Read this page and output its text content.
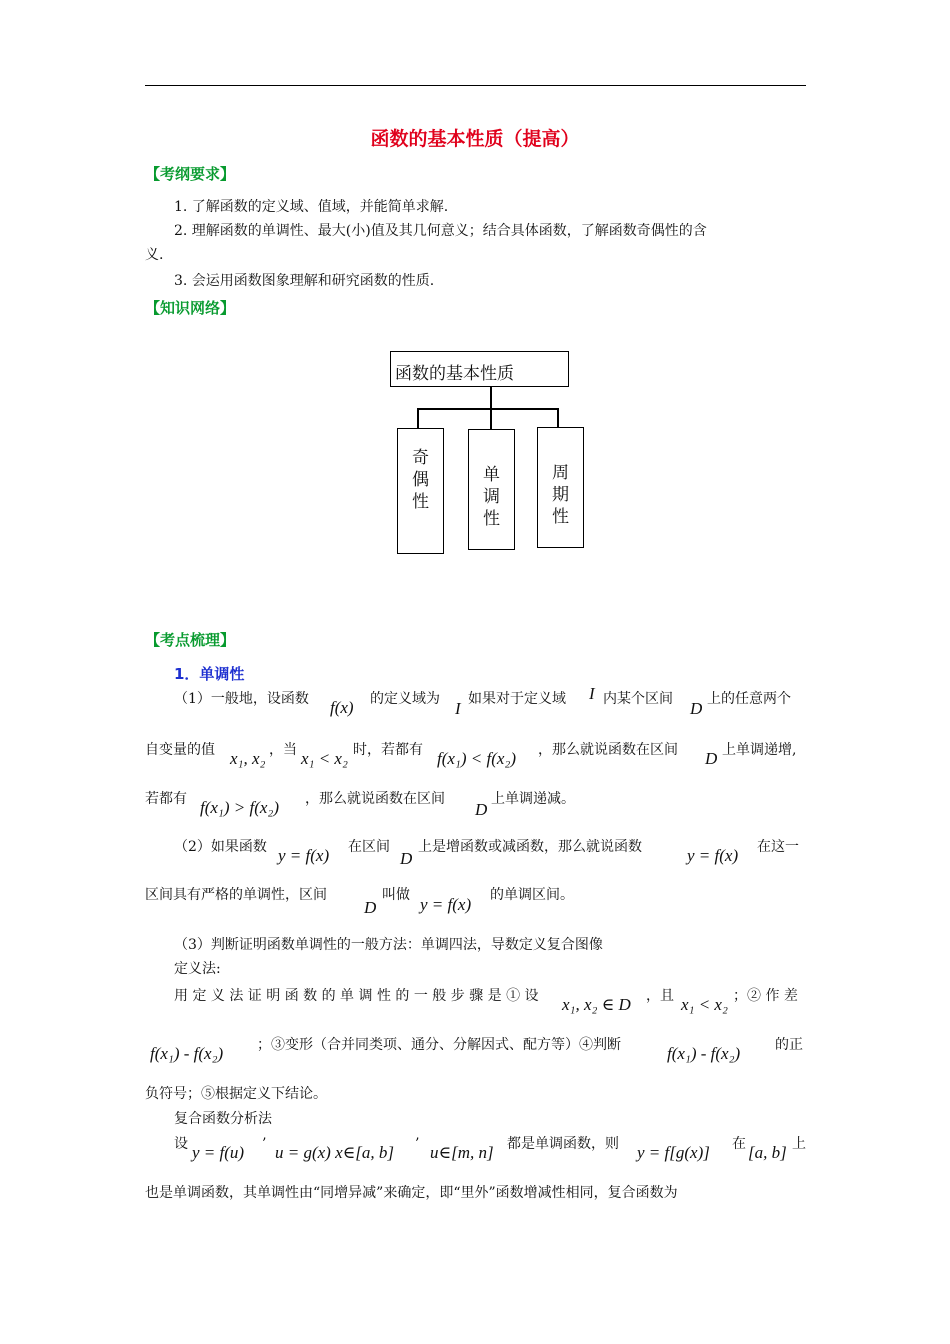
函数的基本性质（提高）
【考纲要求】
1. 了解函数的定义域、值域，并能简单求解.
2. 理解函数的单调性、最大(小)值及其几何意义；结合具体函数，了解函数奇偶性的含
义.
3. 会运用函数图象理解和研究函数的性质.
【知识网络】
函数的基本性质
奇
偶
性
单
调
性
周
期
性
【考点梳理】
1．单调性
（1）一般地，设函数 f(x) 的定义域为 I 如果对于定义域 I 内某个区间 D 上的任意两个
自变量的值 x₁, x₂ ，当 x₁ < x₂ 时，若都有 f(x₁) < f(x₂) ，那么就说函数在区间 D 上单调递增,
若都有 f(x₁) > f(x₂) ，那么就说函数在区间
D
上单调递减。
（2）如果函数 y = f(x) 在区间
D
上是增函数或减函数，那么就说函数	y = f(x) 在这一
区间具有严格的单调性，区间
D
叫做 y = f(x) 的单调区间。
（3）判断证明函数单调性的一般方法：单调四法，导数定义复合图像
定义法:
用 定 义 法 证 明 函 数 的 单 调 性 的 一 般 步 骤 是 ① 设 x₁, x₂ ∈ D ，且 x₁ < x₂ ；② 作 差
f(x₁) - f(x₂) ；③变形（合并同类项、通分、分解因式、配方等）④判断	f(x₁) - f(x₂) 的正
负符号；⑤根据定义下结论。
复合函数分析法
设 y = f(u) ’ u = g(x) x∈[a, b] ’ u∈[m, n] 都是单调函数，则 y = f[g(x)] 在 [a, b] 上
也是单调函数，其单调性由“同增异减”来确定，即“里外”函数增减性相同，复合函数为
